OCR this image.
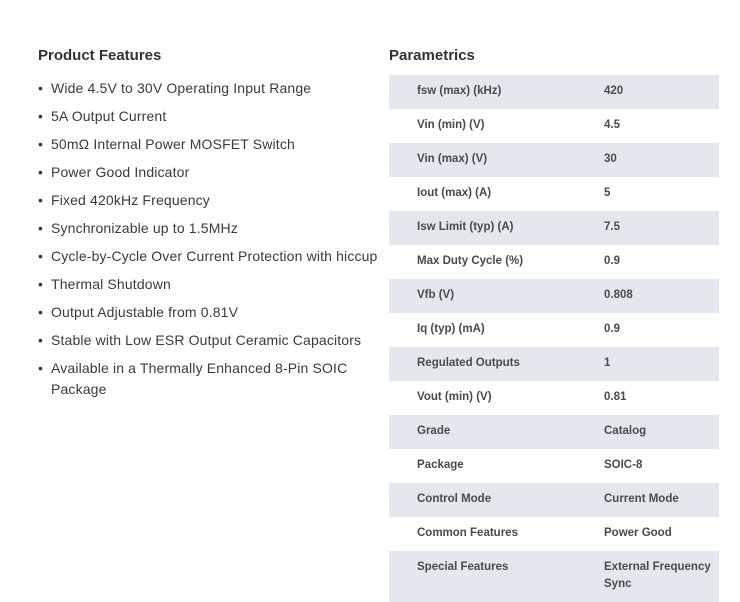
Product Features
• Wide 4.5V to 30V Operating Input Range
• 5A Output Current
• 50mΩ Internal Power MOSFET Switch
• Power Good Indicator
• Fixed 420kHz Frequency
• Synchronizable up to 1.5MHz
• Cycle-by-Cycle Over Current Protection with hiccup
• Thermal Shutdown
• Output Adjustable from 0.81V
• Stable with Low ESR Output Ceramic Capacitors
• Available in a Thermally Enhanced 8-Pin SOIC Package
Parametrics
fsw (max) (kHz)	420
Vin (min) (V)	4.5
Vin (max) (V)	30
Iout (max) (A)	5
Isw Limit (typ) (A)	7.5
Max Duty Cycle (%)	0.9
Vfb (V)	0.808
Iq (typ) (mA)	0.9
Regulated Outputs	1
Vout (min) (V)	0.81
Grade	Catalog
Package	SOIC-8
Control Mode	Current Mode
Common Features	Power Good
Special Features	External Frequency Sync
